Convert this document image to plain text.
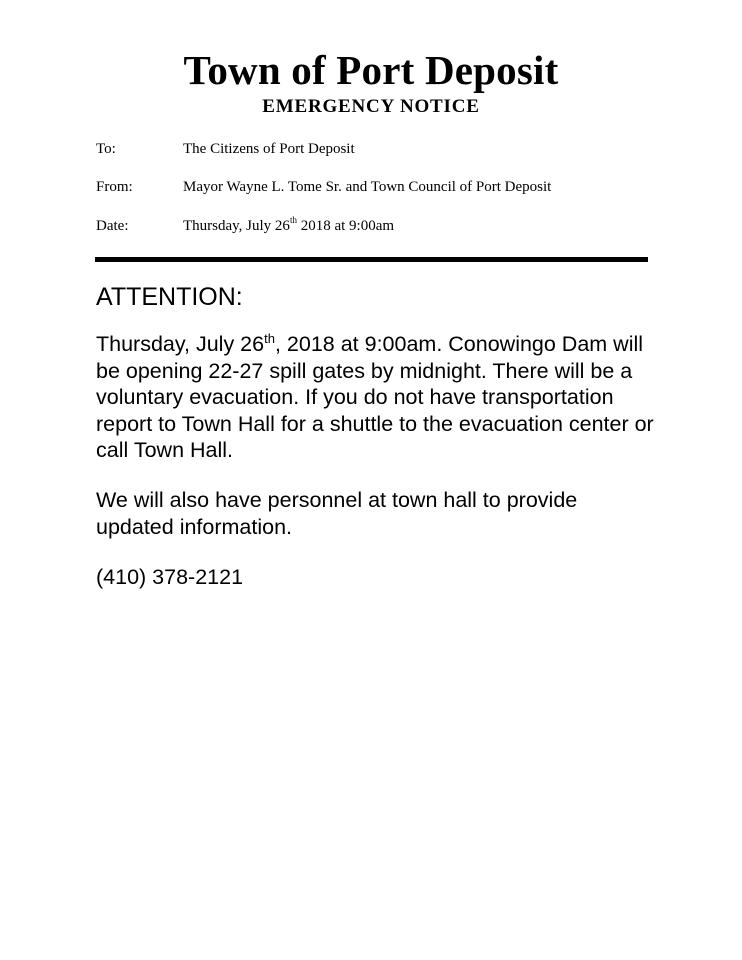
Town of Port Deposit
EMERGENCY NOTICE
To:	The Citizens of Port Deposit
From:	Mayor Wayne L. Tome Sr. and Town Council of Port Deposit
Date:	Thursday, July 26th 2018 at 9:00am
ATTENTION:
Thursday, July 26th, 2018 at 9:00am. Conowingo Dam will be opening 22-27 spill gates by midnight. There will be a voluntary evacuation. If you do not have transportation report to Town Hall for a shuttle to the evacuation center or call Town Hall.
We will also have personnel at town hall to provide updated information.
(410) 378-2121
